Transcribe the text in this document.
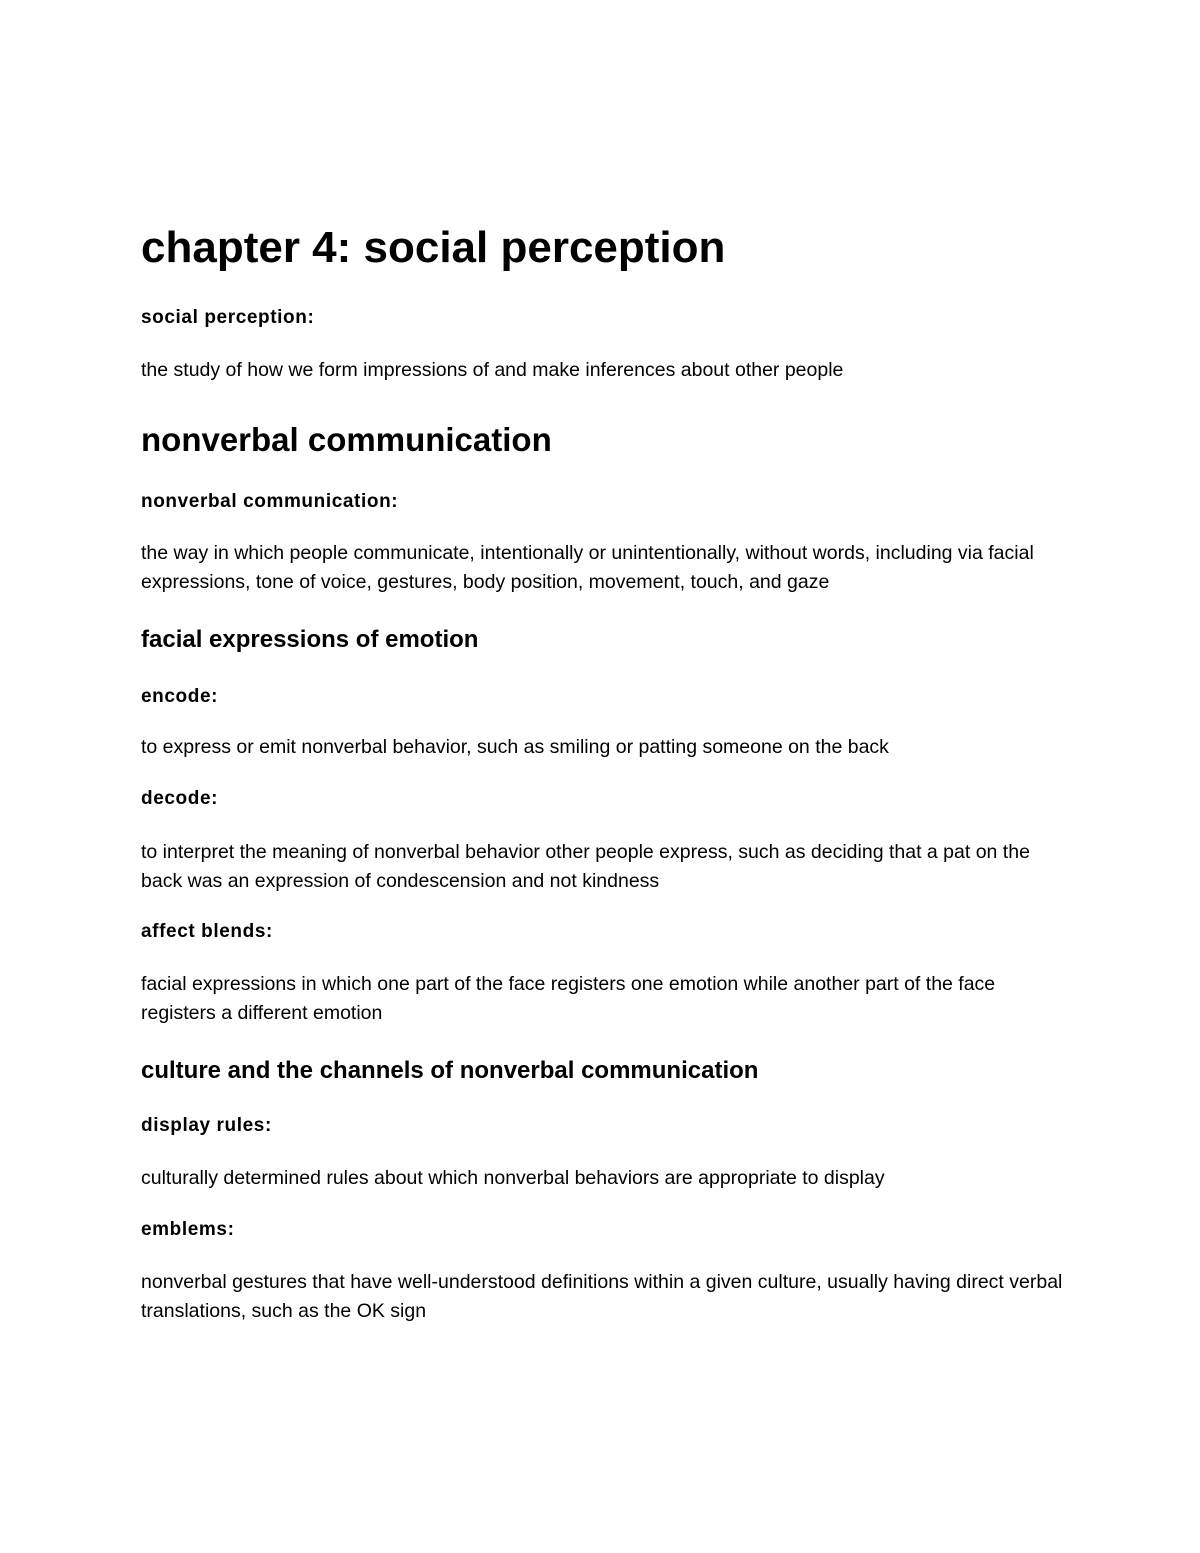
chapter 4: social perception
social perception:

the study of how we form impressions of and make inferences about other people

nonverbal communication
nonverbal communication:

the way in which people communicate, intentionally or unintentionally, without words, including via facial expressions, tone of voice, gestures, body position, movement, touch, and gaze

facial expressions of emotion
encode:

to express or emit nonverbal behavior, such as smiling or patting someone on the back

decode:

to interpret the meaning of nonverbal behavior other people express, such as deciding that a pat on the back was an expression of condescension and not kindness

affect blends:

facial expressions in which one part of the face registers one emotion while another part of the face registers a different emotion

culture and the channels of nonverbal communication
display rules:

culturally determined rules about which nonverbal behaviors are appropriate to display

emblems:

nonverbal gestures that have well-understood definitions within a given culture, usually having direct verbal translations, such as the OK sign
